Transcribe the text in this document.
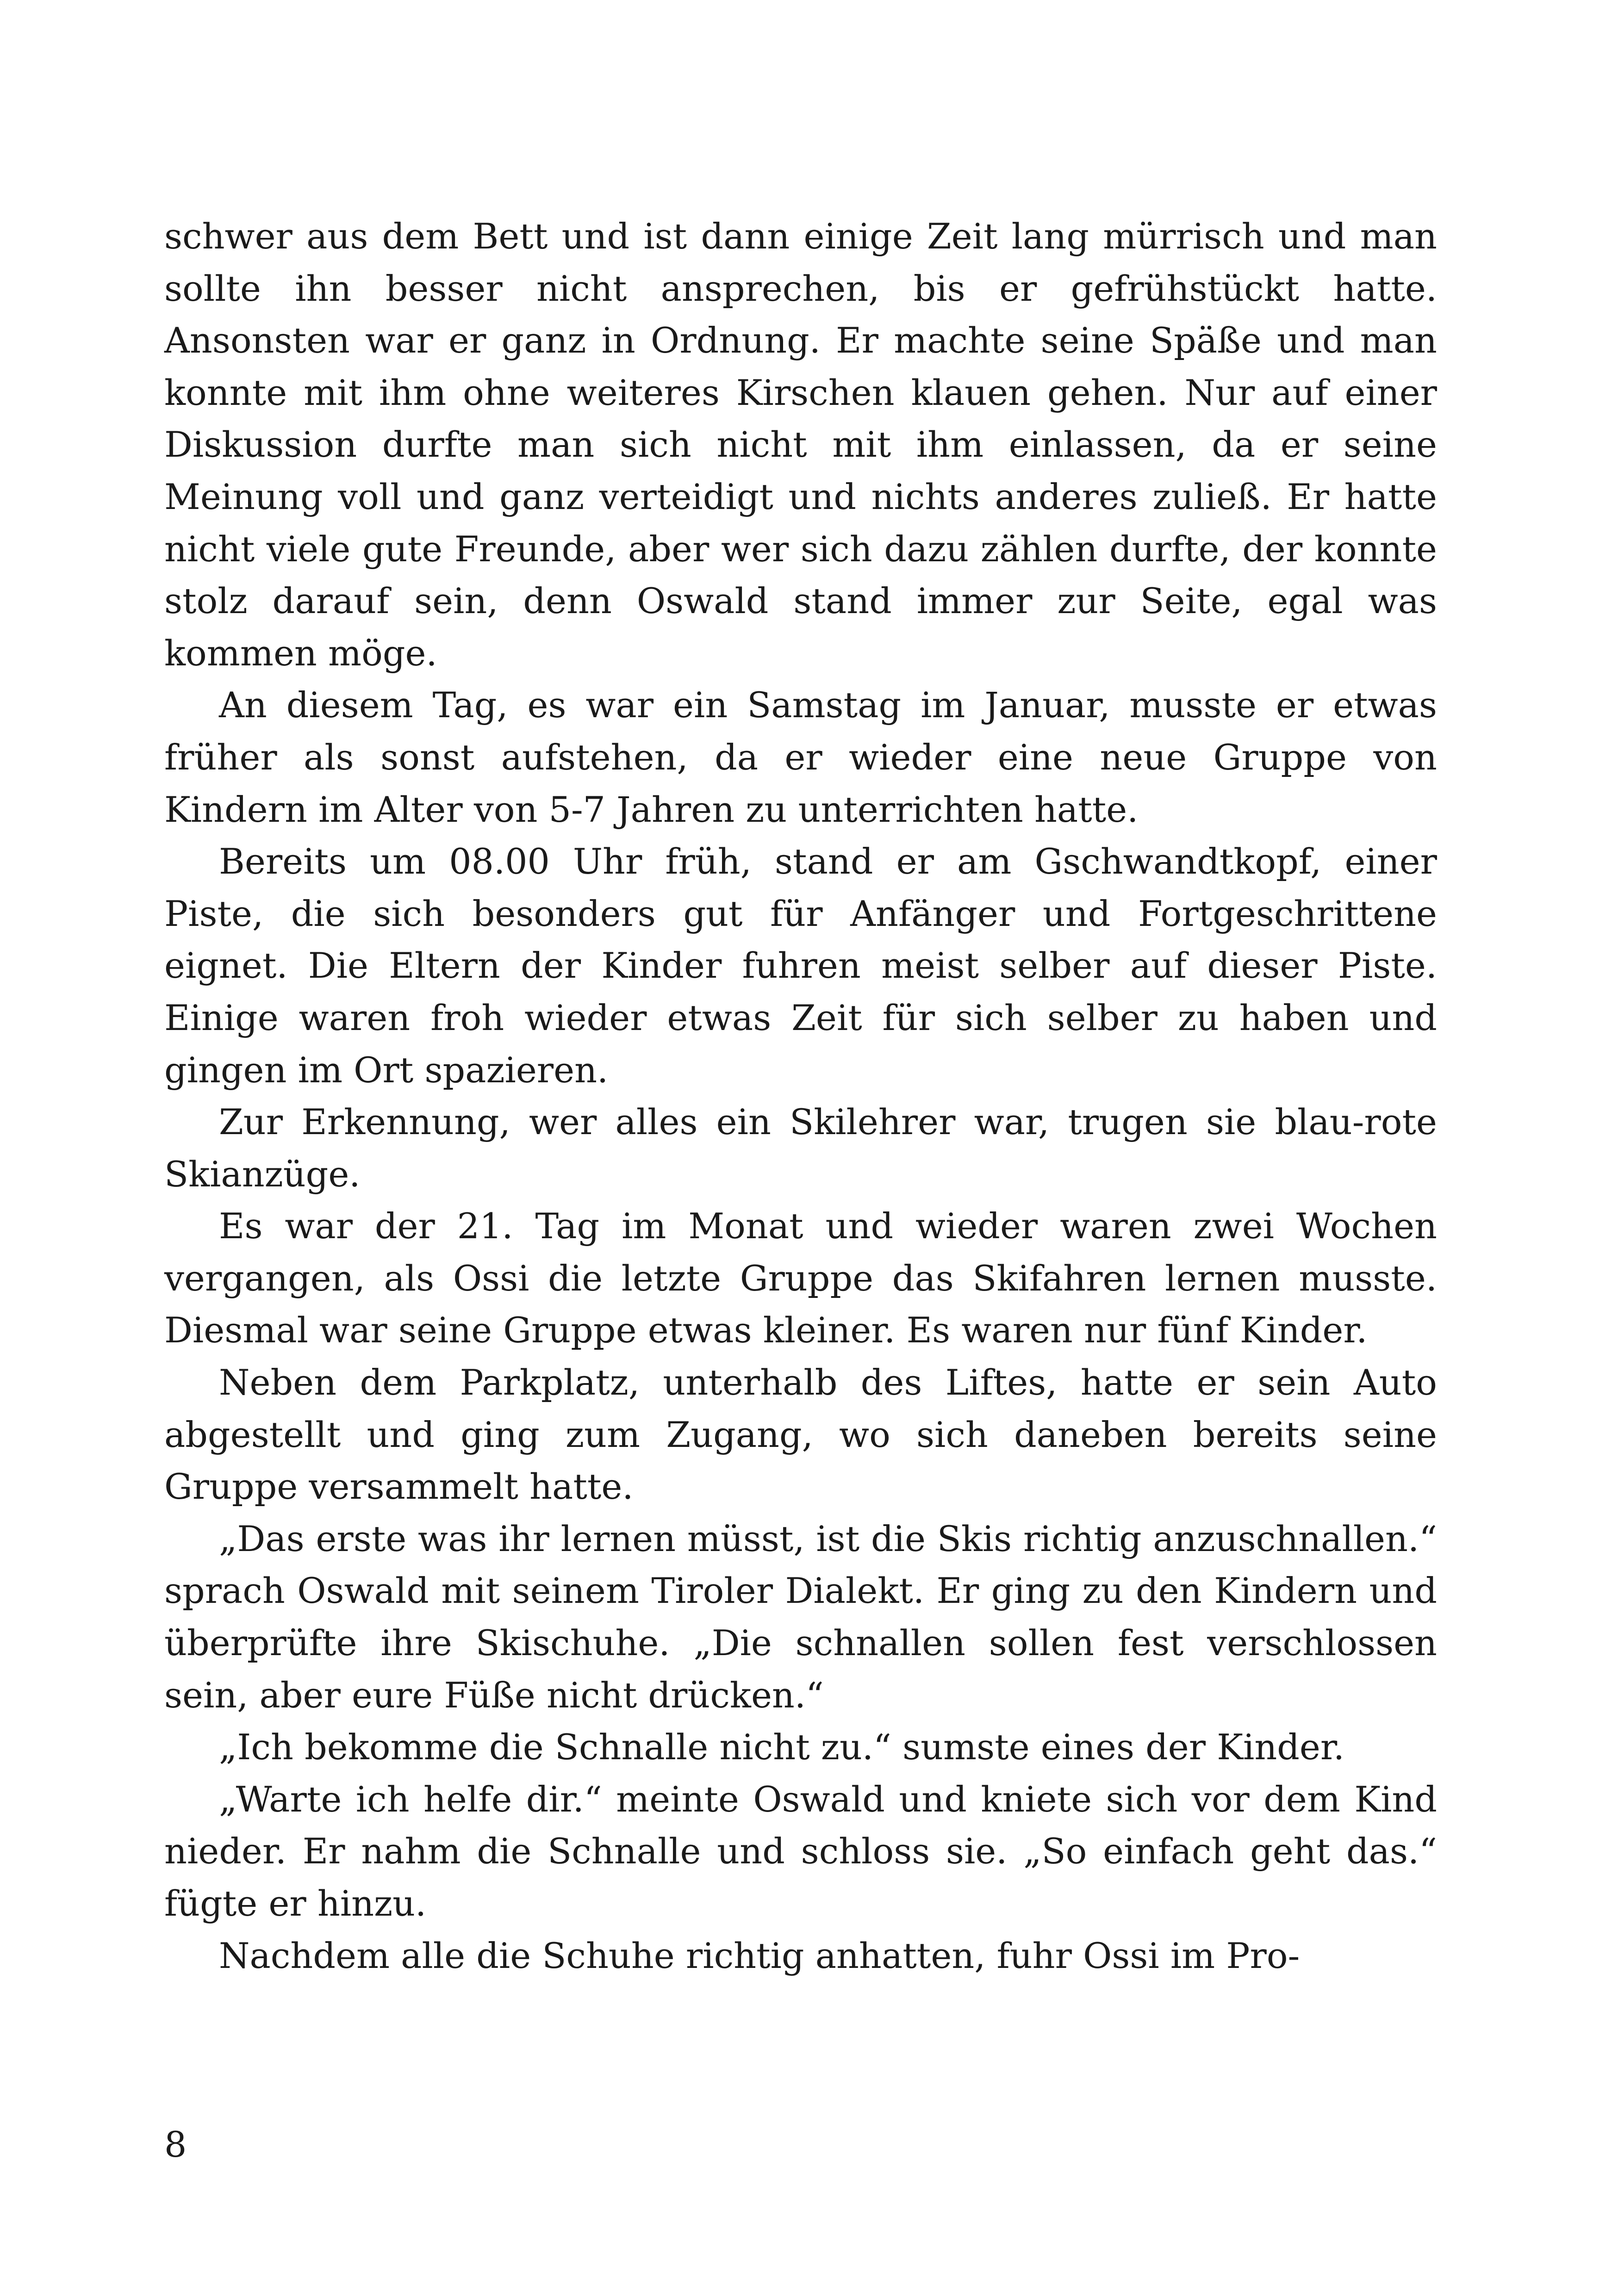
schwer aus dem Bett und ist dann einige Zeit lang mürrisch und man sollte ihn besser nicht ansprechen, bis er gefrühstückt hatte. Ansonsten war er ganz in Ordnung. Er machte seine Späße und man konnte mit ihm ohne weiteres Kirschen klauen gehen. Nur auf einer Diskussion durfte man sich nicht mit ihm einlassen, da er seine Meinung voll und ganz verteidigt und nichts anderes zuließ. Er hatte nicht viele gute Freunde, aber wer sich dazu zählen durfte, der konnte stolz darauf sein, denn Oswald stand immer zur Seite, egal was kommen möge.

An diesem Tag, es war ein Samstag im Januar, musste er etwas früher als sonst aufstehen, da er wieder eine neue Gruppe von Kindern im Alter von 5-7 Jahren zu unterrichten hatte.

Bereits um 08.00 Uhr früh, stand er am Gschwandtkopf, einer Piste, die sich besonders gut für Anfänger und Fortgeschrittene eignet. Die Eltern der Kinder fuhren meist selber auf dieser Piste. Einige waren froh wieder etwas Zeit für sich selber zu haben und gingen im Ort spazieren.

Zur Erkennung, wer alles ein Skilehrer war, trugen sie blau-rote Skianzüge.

Es war der 21. Tag im Monat und wieder waren zwei Wochen vergangen, als Ossi die letzte Gruppe das Skifahren lernen musste. Diesmal war seine Gruppe etwas kleiner. Es waren nur fünf Kinder.

Neben dem Parkplatz, unterhalb des Liftes, hatte er sein Auto abgestellt und ging zum Zugang, wo sich daneben bereits seine Gruppe versammelt hatte.

„Das erste was ihr lernen müsst, ist die Skis richtig anzuschnallen.“ sprach Oswald mit seinem Tiroler Dialekt. Er ging zu den Kindern und überprüfte ihre Skischuhe. „Die schnallen sollen fest verschlossen sein, aber eure Füße nicht drücken.“

„Ich bekomme die Schnalle nicht zu.“ sumste eines der Kinder.

„Warte ich helfe dir.“ meinte Oswald und kniete sich vor dem Kind nieder. Er nahm die Schnalle und schloss sie. „So einfach geht das.“ fügte er hinzu.

Nachdem alle die Schuhe richtig anhatten, fuhr Ossi im Pro-

8
